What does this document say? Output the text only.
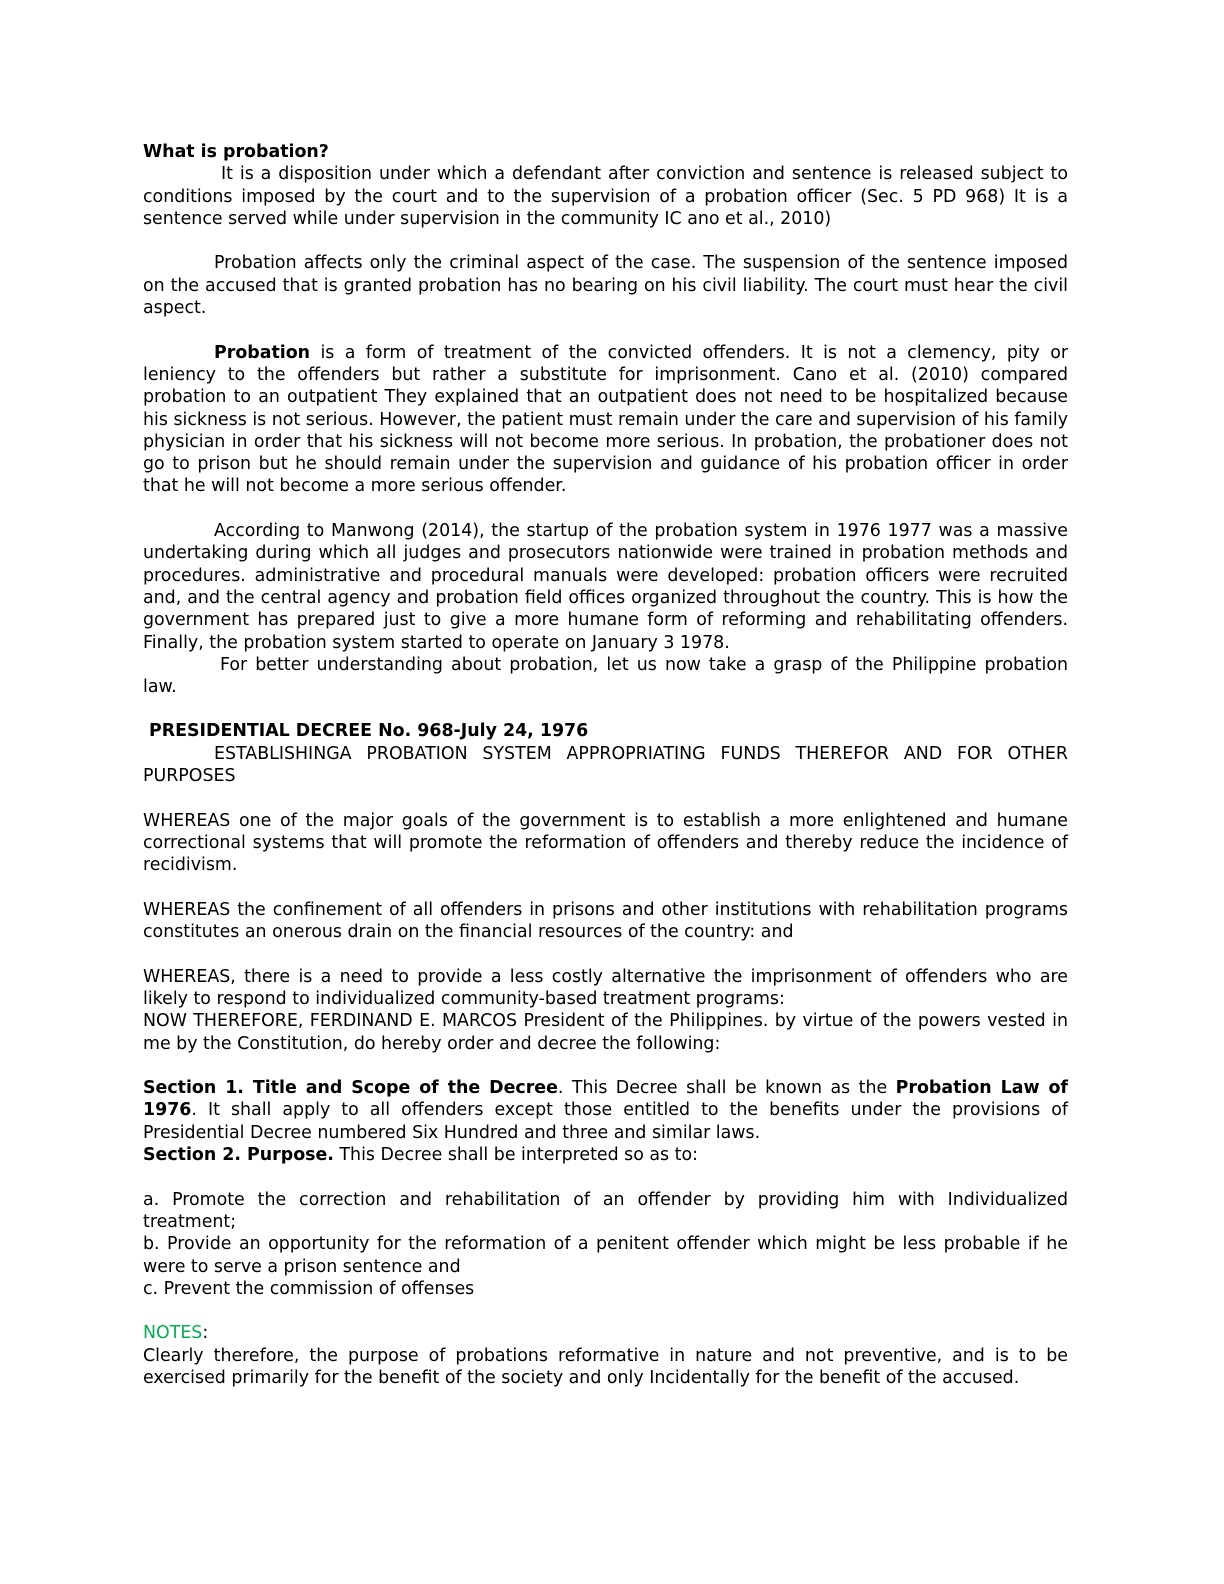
What is probation?

It is a disposition under which a defendant after conviction and sentence is released subject to conditions imposed by the court and to the supervision of a probation officer (Sec. 5 PD 968) It is a sentence served while under supervision in the community IC ano et al., 2010)

Probation affects only the criminal aspect of the case. The suspension of the sentence imposed on the accused that is granted probation has no bearing on his civil liability. The court must hear the civil aspect.

Probation is a form of treatment of the convicted offenders. It is not a clemency, pity or leniency to the offenders but rather a substitute for imprisonment. Cano et al. (2010) compared probation to an outpatient They explained that an outpatient does not need to be hospitalized because his sickness is not serious. However, the patient must remain under the care and supervision of his family physician in order that his sickness will not become more serious. In probation, the probationer does not go to prison but he should remain under the supervision and guidance of his probation officer in order that he will not become a more serious offender.

According to Manwong (2014), the startup of the probation system in 1976 1977 was a massive undertaking during which all judges and prosecutors nationwide were trained in probation methods and procedures. administrative and procedural manuals were developed: probation officers were recruited and, and the central agency and probation field offices organized throughout the country. This is how the government has prepared just to give a more humane form of reforming and rehabilitating offenders. Finally, the probation system started to operate on January 3 1978.

For better understanding about probation, let us now take a grasp of the Philippine probation law.

PRESIDENTIAL DECREE No. 968-July 24, 1976

ESTABLISHINGA PROBATION SYSTEM APPROPRIATING FUNDS THEREFOR AND FOR OTHER PURPOSES

WHEREAS one of the major goals of the government is to establish a more enlightened and humane correctional systems that will promote the reformation of offenders and thereby reduce the incidence of recidivism.

WHEREAS the confinement of all offenders in prisons and other institutions with rehabilitation programs constitutes an onerous drain on the financial resources of the country: and

WHEREAS, there is a need to provide a less costly alternative the imprisonment of offenders who are likely to respond to individualized community-based treatment programs:

NOW THEREFORE, FERDINAND E. MARCOS President of the Philippines. by virtue of the powers vested in me by the Constitution, do hereby order and decree the following:

Section 1. Title and Scope of the Decree. This Decree shall be known as the Probation Law of 1976. It shall apply to all offenders except those entitled to the benefits under the provisions of Presidential Decree numbered Six Hundred and three and similar laws.

Section 2. Purpose. This Decree shall be interpreted so as to:

a. Promote the correction and rehabilitation of an offender by providing him with Individualized treatment;

b. Provide an opportunity for the reformation of a penitent offender which might be less probable if he were to serve a prison sentence and

c. Prevent the commission of offenses

NOTES:

Clearly therefore, the purpose of probations reformative in nature and not preventive, and is to be exercised primarily for the benefit of the society and only Incidentally for the benefit of the accused.
